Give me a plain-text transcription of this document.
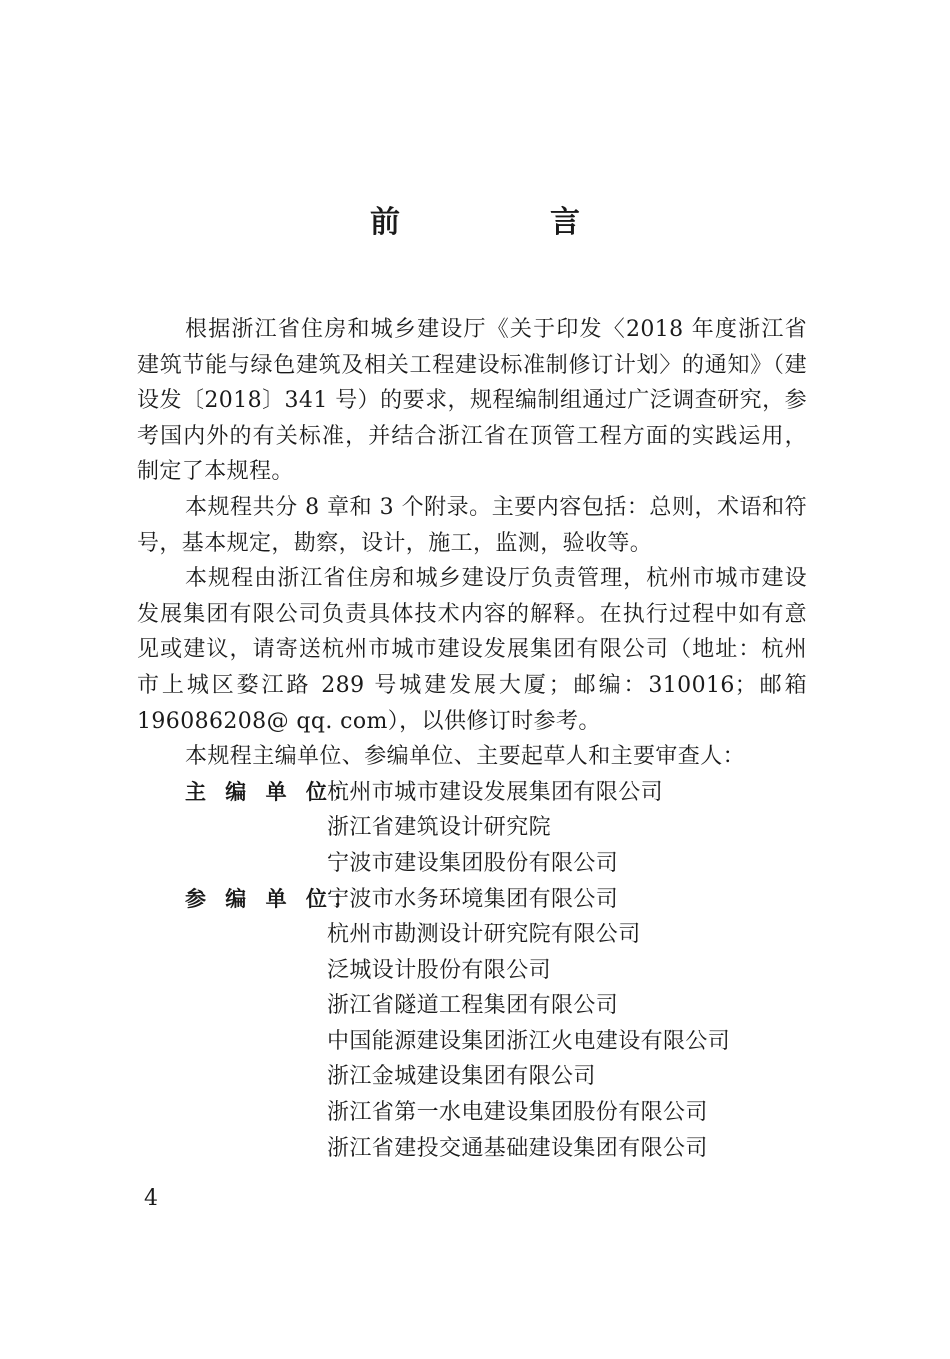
前　言

根据浙江省住房和城乡建设厅《关于印发〈2018 年度浙江省建筑节能与绿色建筑及相关工程建设标准制修订计划〉的通知》（建设发〔2018〕341 号）的要求，规程编制组通过广泛调查研究，参考国内外的有关标准，并结合浙江省在顶管工程方面的实践运用，制定了本规程。

本规程共分 8 章和 3 个附录。主要内容包括：总则，术语和符号，基本规定，勘察，设计，施工，监测，验收等。

本规程由浙江省住房和城乡建设厅负责管理，杭州市城市建设发展集团有限公司负责具体技术内容的解释。在执行过程中如有意见或建议，请寄送杭州市城市建设发展集团有限公司（地址：杭州市上城区婺江路 289 号城建发展大厦；邮编：310016；邮箱 196086208@ qq. com），以供修订时参考。

本规程主编单位、参编单位、主要起草人和主要审查人：

主 编 单 位：
杭州市城市建设发展集团有限公司
浙江省建筑设计研究院
宁波市建设集团股份有限公司
参 编 单 位：
宁波市水务环境集团有限公司
杭州市勘测设计研究院有限公司
泛城设计股份有限公司
浙江省隧道工程集团有限公司
中国能源建设集团浙江火电建设有限公司
浙江金城建设集团有限公司
浙江省第一水电建设集团股份有限公司
浙江省建投交通基础建设集团有限公司
4
